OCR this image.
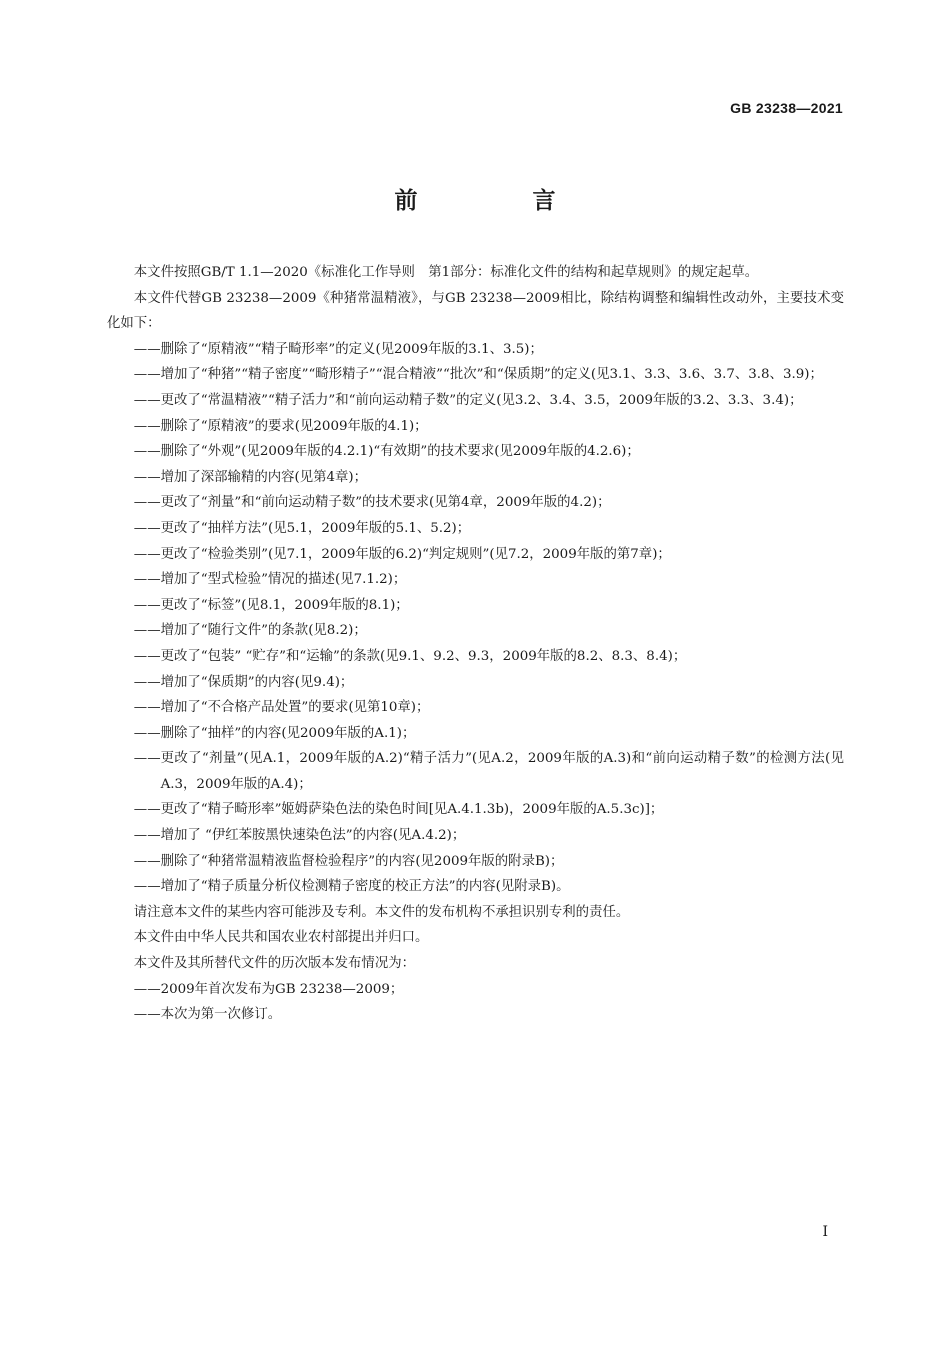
GB 23238—2021
前　言

本文件按照GB/T 1.1—2020《标准化工作导则　第1部分：标准化文件的结构和起草规则》的规定起草。

本文件代替GB 23238—2009《种猪常温精液》，与GB 23238—2009相比，除结构调整和编辑性改动外，主要技术变化如下：

—— 删除了“原精液”“精子畸形率”的定义(见2009年版的3.1、3.5)；
—— 增加了“种猪”“精子密度”“畸形精子”“混合精液”“批次”和“保质期”的定义(见3.1、3.3、3.6、3.7、3.8、3.9)；
—— 更改了“常温精液”“精子活力”和“前向运动精子数”的定义(见3.2、3.4、3.5，2009年版的3.2、3.3、3.4)；
—— 删除了“原精液”的要求(见2009年版的4.1)；
—— 删除了“外观”(见2009年版的4.2.1)“有效期”的技术要求(见2009年版的4.2.6)；
—— 增加了深部输精的内容(见第4章)；
—— 更改了“剂量”和“前向运动精子数”的技术要求(见第4章，2009年版的4.2)；
—— 更改了“抽样方法”(见5.1，2009年版的5.1、5.2)；
—— 更改了“检验类别”(见7.1，2009年版的6.2)“判定规则”(见7.2，2009年版的第7章)；
—— 增加了“型式检验”情况的描述(见7.1.2)；
—— 更改了“标签”(见8.1，2009年版的8.1)；
—— 增加了“随行文件”的条款(见8.2)；
—— 更改了“包装” “贮存”和“运输”的条款(见9.1、9.2、9.3，2009年版的8.2、8.3、8.4)；
—— 增加了“保质期”的内容(见9.4)；
—— 增加了“不合格产品处置”的要求(见第10章)；
—— 删除了“抽样”的内容(见2009年版的A.1)；
—— 更改了“剂量”(见A.1，2009年版的A.2)“精子活力”(见A.2，2009年版的A.3)和“前向运动精子数”的检测方法(见A.3，2009年版的A.4)；
—— 更改了“精子畸形率”姬姆萨染色法的染色时间[见A.4.1.3b)，2009年版的A.5.3c)]；
—— 增加了 “伊红苯胺黑快速染色法”的内容(见A.4.2)；
—— 删除了“种猪常温精液监督检验程序”的内容(见2009年版的附录B)；
—— 增加了“精子质量分析仪检测精子密度的校正方法”的内容(见附录B)。

请注意本文件的某些内容可能涉及专利。本文件的发布机构不承担识别专利的责任。

本文件由中华人民共和国农业农村部提出并归口。

本文件及其所替代文件的历次版本发布情况为：

—— 2009年首次发布为GB 23238—2009；
—— 本次为第一次修订。
I
